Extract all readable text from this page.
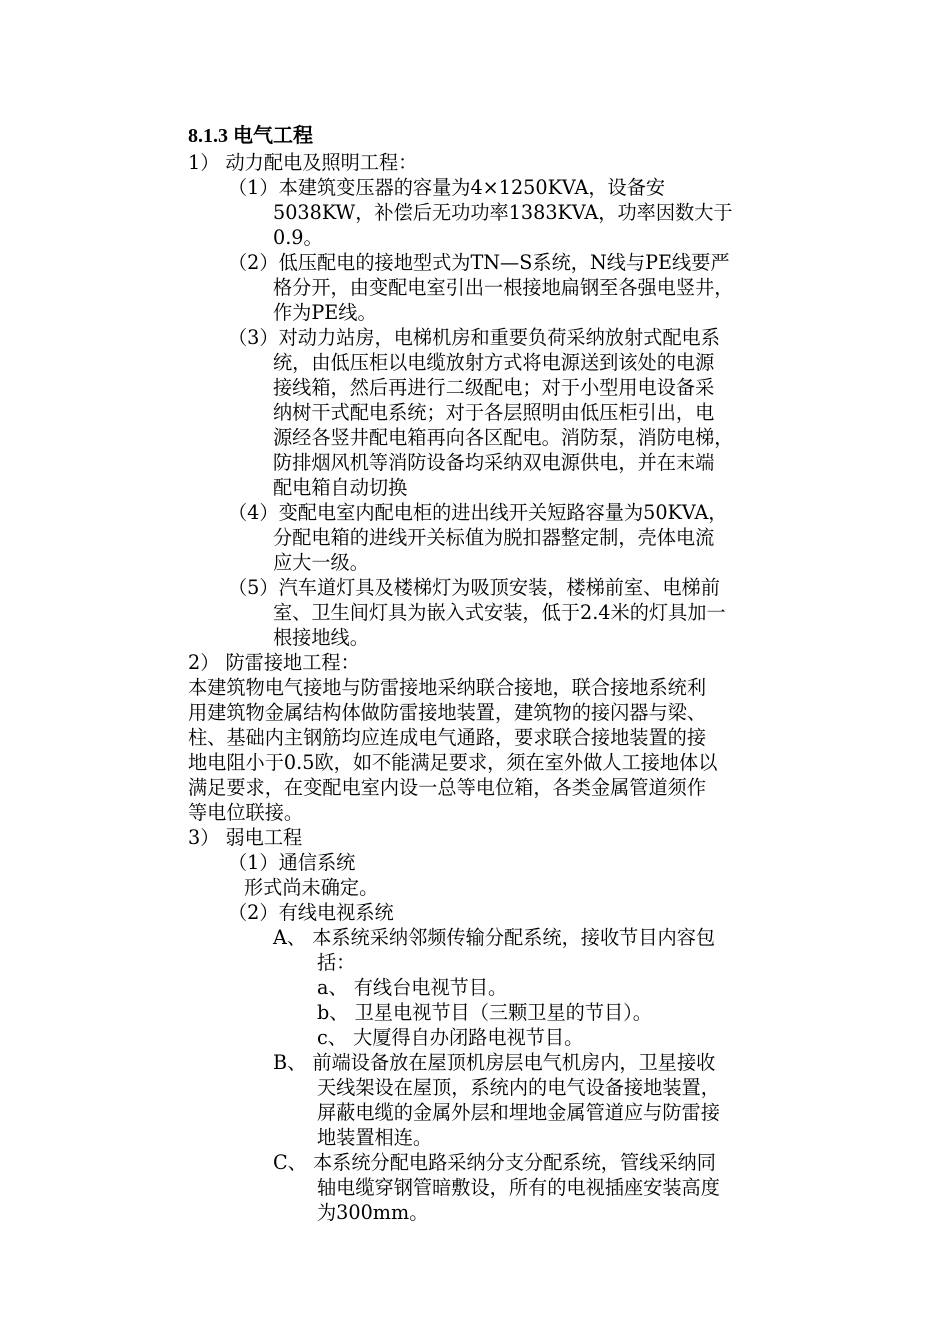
8.1.3 电气工程
1） 动力配电及照明工程：
（1）本建筑变压器的容量为4×1250KVA，设备安
5038KW，补偿后无功功率1383KVA，功率因数大于
0.9。
（2）低压配电的接地型式为TN—S系统，N线与PE线要严
格分开，由变配电室引出一根接地扁钢至各强电竖井，
作为PE线。
（3）对动力站房，电梯机房和重要负荷采纳放射式配电系
统，由低压柜以电缆放射方式将电源送到该处的电源
接线箱，然后再进行二级配电；对于小型用电设备采
纳树干式配电系统；对于各层照明由低压柜引出，电
源经各竖井配电箱再向各区配电。消防泵，消防电梯，
防排烟风机等消防设备均采纳双电源供电，并在末端
配电箱自动切换
（4）变配电室内配电柜的进出线开关短路容量为50KVA，
分配电箱的进线开关标值为脱扣器整定制，壳体电流
应大一级。
（5）汽车道灯具及楼梯灯为吸顶安装，楼梯前室、电梯前
室、卫生间灯具为嵌入式安装，低于2.4米的灯具加一
根接地线。
2） 防雷接地工程：
本建筑物电气接地与防雷接地采纳联合接地，联合接地系统利
用建筑物金属结构体做防雷接地装置，建筑物的接闪器与梁、
柱、基础内主钢筋均应连成电气通路，要求联合接地装置的接
地电阻小于0.5欧，如不能满足要求，须在室外做人工接地体以
满足要求，在变配电室内设一总等电位箱，各类金属管道须作
等电位联接。
3） 弱电工程
（1）通信系统
形式尚未确定。
（2）有线电视系统
A、 本系统采纳邻频传输分配系统，接收节目内容包
括：
a、 有线台电视节目。
b、 卫星电视节目（三颗卫星的节目）。
c、 大厦得自办闭路电视节目。
B、 前端设备放在屋顶机房层电气机房内，卫星接收
天线架设在屋顶，系统内的电气设备接地装置，
屏蔽电缆的金属外层和埋地金属管道应与防雷接
地装置相连。
C、 本系统分配电路采纳分支分配系统，管线采纳同
轴电缆穿钢管暗敷设，所有的电视插座安装高度
为300mm。
